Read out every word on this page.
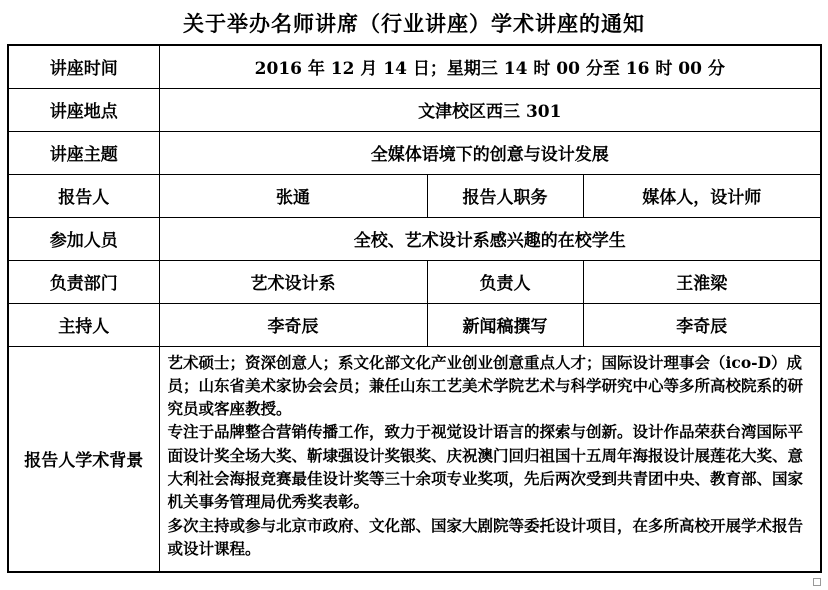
关于举办名师讲席（行业讲座）学术讲座的通知
讲座时间	2016 年 12 月 14 日；星期三 14 时 00 分至 16 时 00 分		
讲座地点	文津校区西三 301		
讲座主题	全媒体语境下的创意与设计发展		
报告人	张通	报告人职务	媒体人，设计师
参加人员	全校、艺术设计系感兴趣的在校学生		
负责部门	艺术设计系	负责人	王淮梁
主持人	李奇辰	新闻稿撰写	李奇辰
报告人学术背景	艺术硕士；资深创意人；系文化部文化产业创业创意重点人才；国际设计理事会（ico-D）成员；山东省美术家协会会员；兼任山东工艺美术学院艺术与科学研究中心等多所高校院系的研究员或客座教授。
专注于品牌整合营销传播工作，致力于视觉设计语言的探索与创新。设计作品荣获台湾国际平面设计奖全场大奖、靳埭强设计奖银奖、庆祝澳门回归祖国十五周年海报设计展莲花大奖、意大利社会海报竞赛最佳设计奖等三十余项专业奖项，先后两次受到共青团中央、教育部、国家机关事务管理局优秀奖表彰。
多次主持或参与北京市政府、文化部、国家大剧院等委托设计项目，在多所高校开展学术报告或设计课程。		
